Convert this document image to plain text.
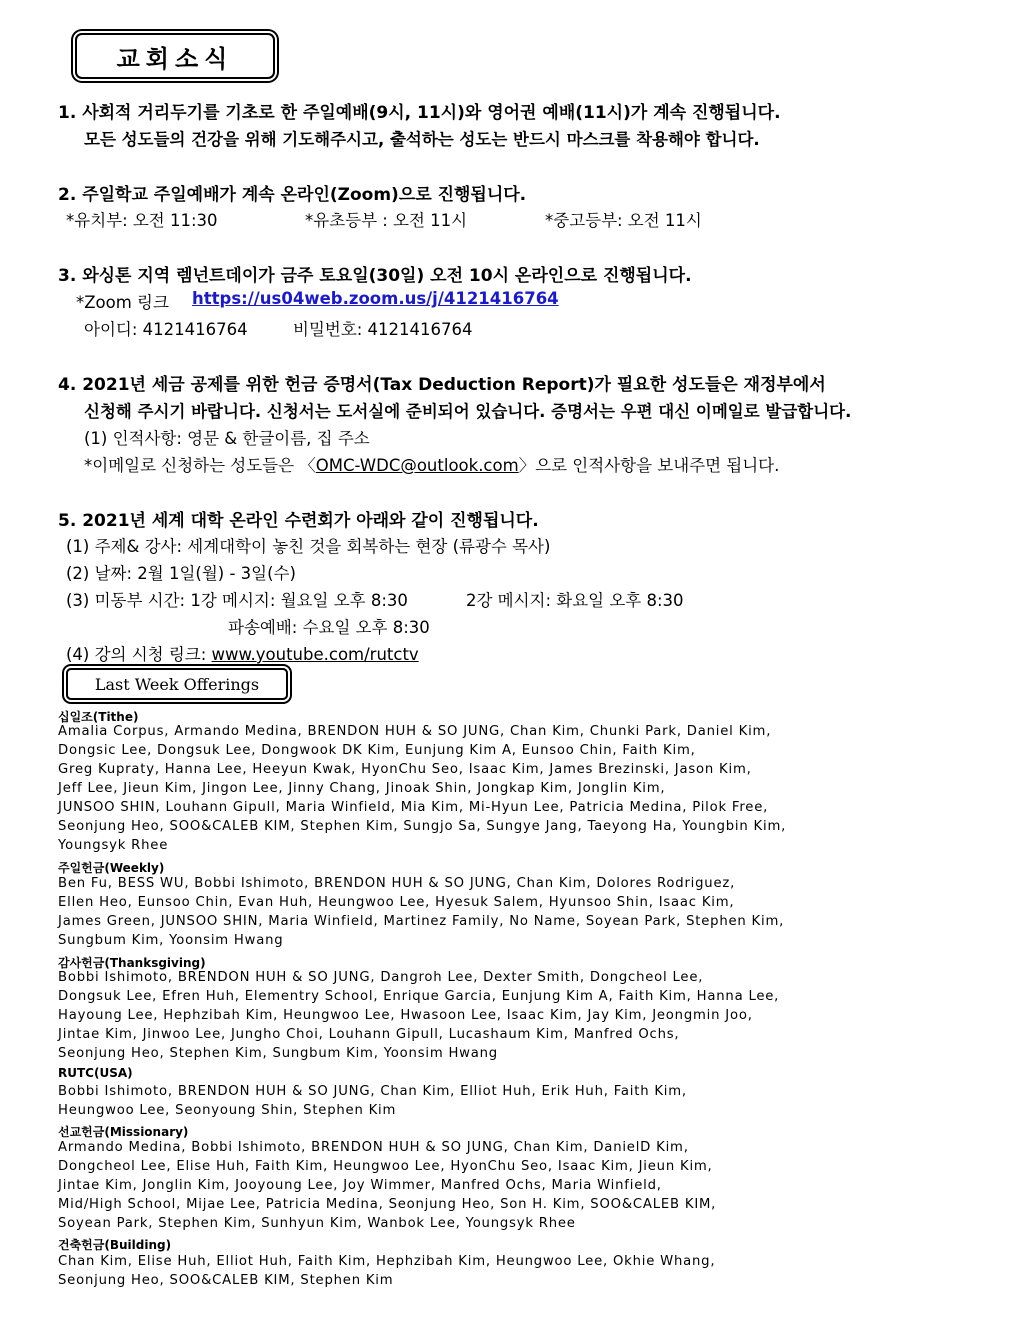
교회소식
1. 사회적 거리두기를 기초로 한 주일예배(9시, 11시)와 영어권 예배(11시)가 계속 진행됩니다.
모든 성도들의 건강을 위해 기도해주시고, 출석하는 성도는 반드시 마스크를 착용해야 합니다.
2. 주일학교 주일예배가 계속 온라인(Zoom)으로 진행됩니다.
*유치부: 오전 11:30	*유초등부 : 오전 11시	*중고등부: 오전 11시
3. 와싱톤 지역 렘넌트데이가 금주 토요일(30일) 오전 10시 온라인으로 진행됩니다.
*Zoom 링크 https://us04web.zoom.us/j/4121416764
아이디: 4121416764	비밀번호: 4121416764
4. 2021년 세금 공제를 위한 헌금 증명서(Tax Deduction Report)가 필요한 성도들은 재정부에서
신청해 주시기 바랍니다. 신청서는 도서실에 준비되어 있습니다. 증명서는 우편 대신 이메일로 발급합니다.
(1) 인적사항: 영문 & 한글이름, 집 주소
*이메일로 신청하는 성도들은 〈OMC-WDC@outlook.com〉으로 인적사항을 보내주면 됩니다.
5. 2021년 세계 대학 온라인 수련회가 아래와 같이 진행됩니다.
(1) 주제& 강사: 세계대학이 놓친 것을 회복하는 현장 (류광수 목사)
(2) 날짜: 2월 1일(월) - 3일(수)
(3) 미동부 시간: 1강 메시지: 월요일 오후 8:30	2강 메시지: 화요일 오후 8:30
파송예배: 수요일 오후 8:30
(4) 강의 시청 링크: www.youtube.com/rutctv
Last Week Offerings
십일조(Tithe)
Amalia Corpus, Armando Medina, BRENDON HUH & SO JUNG, Chan Kim, Chunki Park, Daniel Kim,
Dongsic Lee, Dongsuk Lee, Dongwook DK Kim, Eunjung Kim A, Eunsoo Chin, Faith Kim,
Greg Kupraty, Hanna Lee, Heeyun Kwak, HyonChu Seo, Isaac Kim, James Brezinski, Jason Kim,
Jeff Lee, Jieun Kim, Jingon Lee, Jinny Chang, Jinoak Shin, Jongkap Kim, Jonglin Kim,
JUNSOO SHIN, Louhann Gipull, Maria Winfield, Mia Kim, Mi-Hyun Lee, Patricia Medina, Pilok Free,
Seonjung Heo, SOO&CALEB KIM, Stephen Kim, Sungjo Sa, Sungye Jang, Taeyong Ha, Youngbin Kim,
Youngsyk Rhee
주일헌금(Weekly)
Ben Fu, BESS WU, Bobbi Ishimoto, BRENDON HUH & SO JUNG, Chan Kim, Dolores Rodriguez,
Ellen Heo, Eunsoo Chin, Evan Huh, Heungwoo Lee, Hyesuk Salem, Hyunsoo Shin, Isaac Kim,
James Green, JUNSOO SHIN, Maria Winfield, Martinez Family, No Name, Soyean Park, Stephen Kim,
Sungbum Kim, Yoonsim Hwang
감사헌금(Thanksgiving)
Bobbi Ishimoto, BRENDON HUH & SO JUNG, Dangroh Lee, Dexter Smith, Dongcheol Lee,
Dongsuk Lee, Efren Huh, Elementry School, Enrique Garcia, Eunjung Kim A, Faith Kim, Hanna Lee,
Hayoung Lee, Hephzibah Kim, Heungwoo Lee, Hwasoon Lee, Isaac Kim, Jay Kim, Jeongmin Joo,
Jintae Kim, Jinwoo Lee, Jungho Choi, Louhann Gipull, Lucashaum Kim, Manfred Ochs,
Seonjung Heo, Stephen Kim, Sungbum Kim, Yoonsim Hwang
RUTC(USA)
Bobbi Ishimoto, BRENDON HUH & SO JUNG, Chan Kim, Elliot Huh, Erik Huh, Faith Kim,
Heungwoo Lee, Seonyoung Shin, Stephen Kim
선교헌금(Missionary)
Armando Medina, Bobbi Ishimoto, BRENDON HUH & SO JUNG, Chan Kim, DanielD Kim,
Dongcheol Lee, Elise Huh, Faith Kim, Heungwoo Lee, HyonChu Seo, Isaac Kim, Jieun Kim,
Jintae Kim, Jonglin Kim, Jooyoung Lee, Joy Wimmer, Manfred Ochs, Maria Winfield,
Mid/High School, Mijae Lee, Patricia Medina, Seonjung Heo, Son H. Kim, SOO&CALEB KIM,
Soyean Park, Stephen Kim, Sunhyun Kim, Wanbok Lee, Youngsyk Rhee
건축헌금(Building)
Chan Kim, Elise Huh, Elliot Huh, Faith Kim, Hephzibah Kim, Heungwoo Lee, Okhie Whang,
Seonjung Heo, SOO&CALEB KIM, Stephen Kim
